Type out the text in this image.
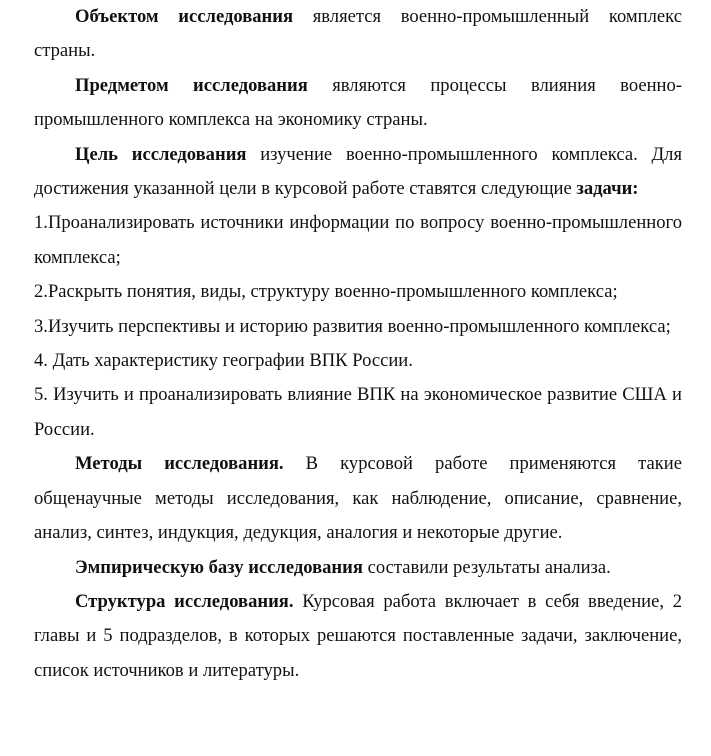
Объектом исследования является военно-промышленный комплекс страны.

Предметом исследования являются процессы влияния военно-промышленного комплекса на экономику страны.

Цель исследования изучение военно-промышленного комплекса. Для достижения указанной цели в курсовой работе ставятся следующие задачи:

1.Проанализировать источники информации по вопросу военно-промышленного комплекса;

2.Раскрыть понятия, виды, структуру военно-промышленного комплекса;

3.Изучить перспективы и историю развития военно-промышленного комплекса;

4. Дать характеристику географии ВПК России.

5. Изучить и проанализировать влияние ВПК на экономическое развитие США и России.

Методы исследования. В курсовой работе применяются такие общенаучные методы исследования, как наблюдение, описание, сравнение, анализ, синтез, индукция, дедукция, аналогия и некоторые другие.

Эмпирическую базу исследования составили результаты анализа.

Структура исследования. Курсовая работа включает в себя введение, 2 главы и 5 подразделов, в которых решаются поставленные задачи, заключение, список источников и литературы.
